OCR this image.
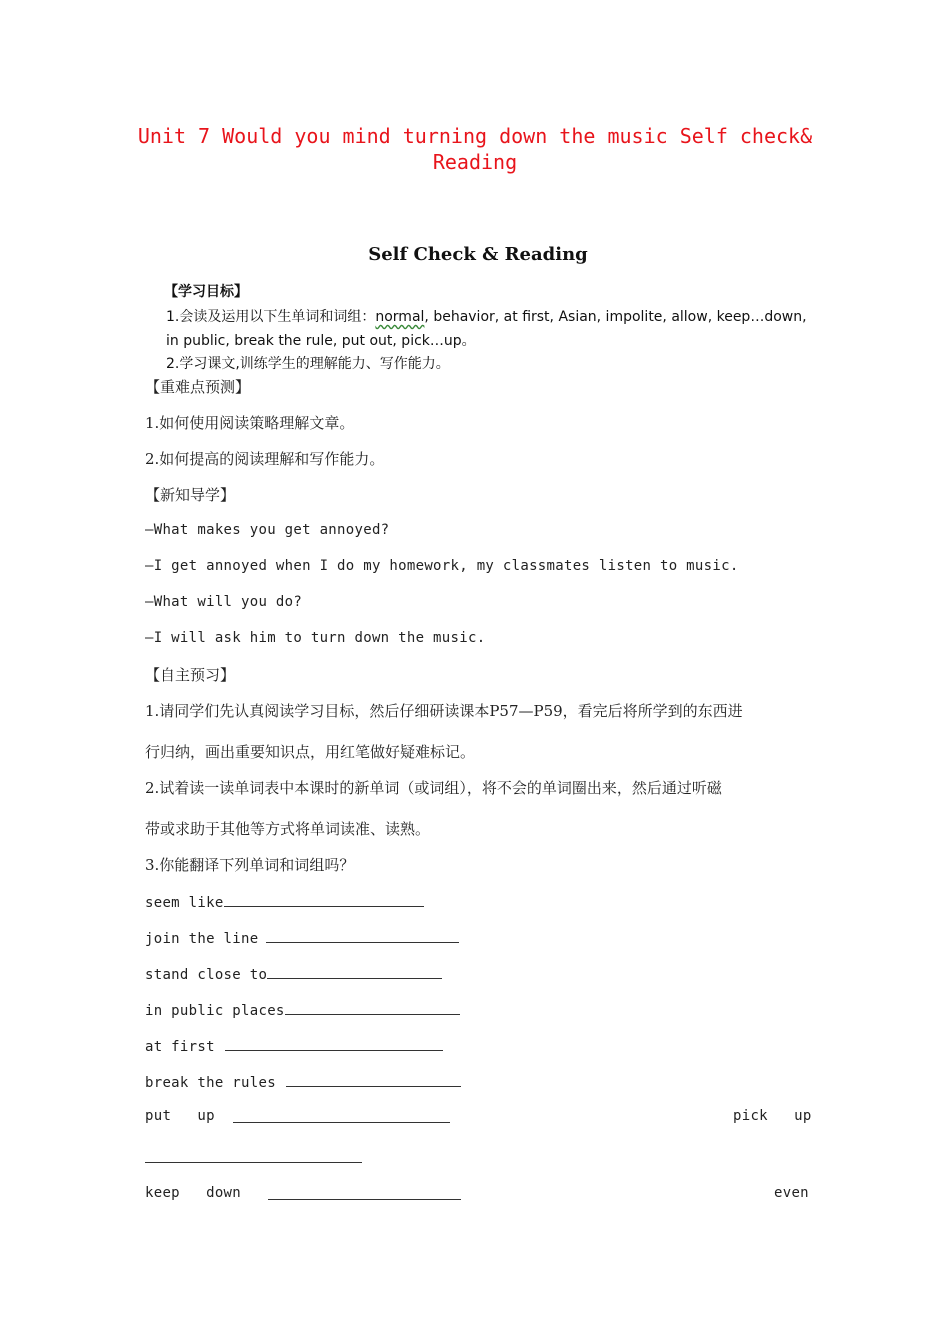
Unit 7 Would you mind turning down the music Self check&
Reading
Self Check & Reading
【学习目标】
1.会读及运用以下生单词和词组：normal, behavior, at first, Asian, impolite, allow, keep…down,
in public, break the rule, put out, pick…up。
2.学习课文,训练学生的理解能力、写作能力。
【重难点预测】
1.如何使用阅读策略理解文章。
2.如何提高的阅读理解和写作能力。
【新知导学】
—What makes you get annoyed?
—I get annoyed when I do my homework, my classmates listen to music.
—What will you do?
—I will ask him to turn down the music.
【自主预习】
1.请同学们先认真阅读学习目标，然后仔细研读课本P57—P59，看完后将所学到的东西进
行归纳，画出重要知识点，用红笔做好疑难标记。
2.试着读一读单词表中本课时的新单词（或词组），将不会的单词圈出来，然后通过听磁
带或求助于其他等方式将单词读准、读熟。
3.你能翻译下列单词和词组吗？
seem like
join the line
stand close to
in public places
at first
break the rules
put   up	pick   up
keep   down	even
